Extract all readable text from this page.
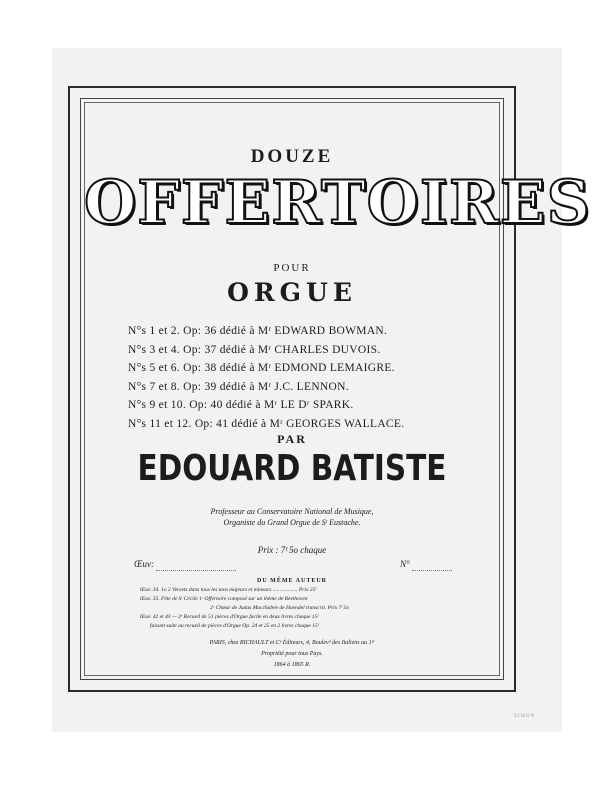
DOUZE
OFFERTOIRES
POUR
ORGUE
N°s 1 et 2. Op: 36 dédié à Mʳ EDWARD BOWMAN.
N°s 3 et 4. Op: 37 dédié à Mʳ CHARLES DUVOIS.
N°s 5 et 6. Op: 38 dédié à Mʳ EDMOND LEMAIGRE.
N°s 7 et 8. Op: 39 dédié à Mʳ J.C. LENNON.
N°s 9 et 10. Op: 40 dédié à Mʳ LE Dʳ SPARK.
N°s 11 et 12. Op: 41 dédié à Mʳ GEORGES WALLACE.
PAR
EDOUARD BATISTE
Professeur au Conservatoire National de Musique,
Organiste du Grand Orgue de Sᵗ Eustache.
Prix : 7ᶠ 5o chaque
Œuv:	N°
DU MÊME AUTEUR
Œuv. 34. 1o 2 Versets dans tous les tons majeurs et mineurs .................. Prix 25ᶠ
Œuv. 35. Fête de Sᵗ Cécile 1ʳ Offertoire composé sur un thème de Beethoven
2ᵉ Chœur de Judas Macchabée de Haendel transcrit. Prix 7ᶠ 5o
Œuv. 42 et 43 — 2ᵉ Recueil de 51 pièces d'Orgue facile en deux livres chaque 15ᶠ
faisant suite au recueil de pièces d'Orgue Op. 24 et 25 en 2 livres chaque 15ᶠ
PARIS, chez RICHAULT et Cᵉ Éditeurs, 4, Boulevᵈ des Italiens au 1ᵉʳ
Propriété pour tous Pays.
1864 à 1865 R.
SIMON
